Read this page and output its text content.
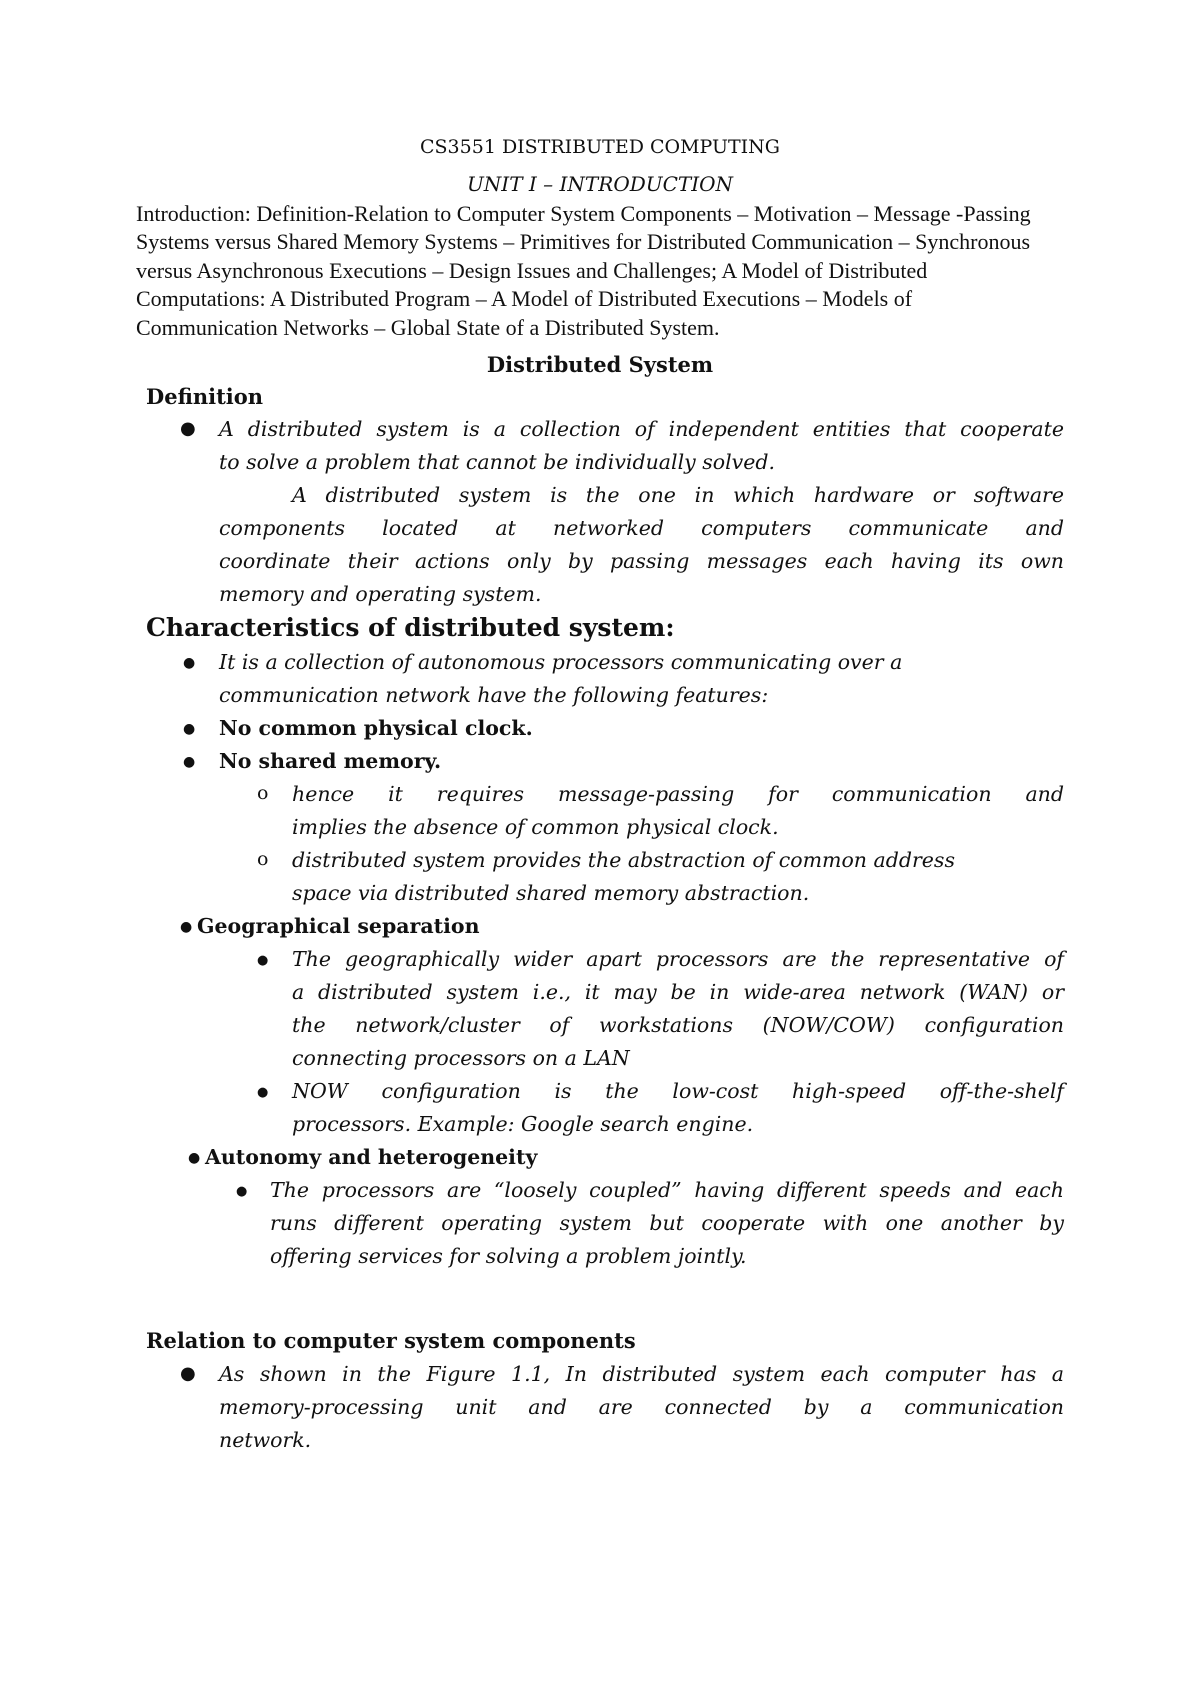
CS3551 DISTRIBUTED COMPUTING
UNIT I – INTRODUCTION

Introduction: Definition-Relation to Computer System Components – Motivation – Message -Passing

Systems versus Shared Memory Systems – Primitives for Distributed Communication – Synchronous

versus Asynchronous Executions – Design Issues and Challenges; A Model of Distributed

Computations: A Distributed Program – A Model of Distributed Executions – Models of

Communication Networks – Global State of a Distributed System.

Distributed System
Definition
● A distributed system is a collection of independent entities that cooperate
to solve a problem that cannot be individually solved.
A distributed system is the one in which hardware or software
components located at networked computers communicate and
coordinate their actions only by passing messages each having its own
memory and operating system.
Characteristics of distributed system:
● It is a collection of autonomous processors communicating over a
communication network have the following features:
● No common physical clock.
● No shared memory.
o hence it requires message-passing for communication and
implies the absence of common physical clock.
o distributed system provides the abstraction of common address
space via distributed shared memory abstraction.
● Geographical separation
● The geographically wider apart processors are the representative of
a distributed system i.e., it may be in wide-area network (WAN) or
the network/cluster of workstations (NOW/COW) configuration
connecting processors on a LAN
● NOW configuration is the low-cost high-speed off-the-shelf
processors. Example: Google search engine.
● Autonomy and heterogeneity
● The processors are “loosely coupled” having different speeds and each
runs different operating system but cooperate with one another by
offering services for solving a problem jointly.
Relation to computer system components
● As shown in the Figure 1.1, In distributed system each computer has a
memory-processing unit and are connected by a communication
network.
